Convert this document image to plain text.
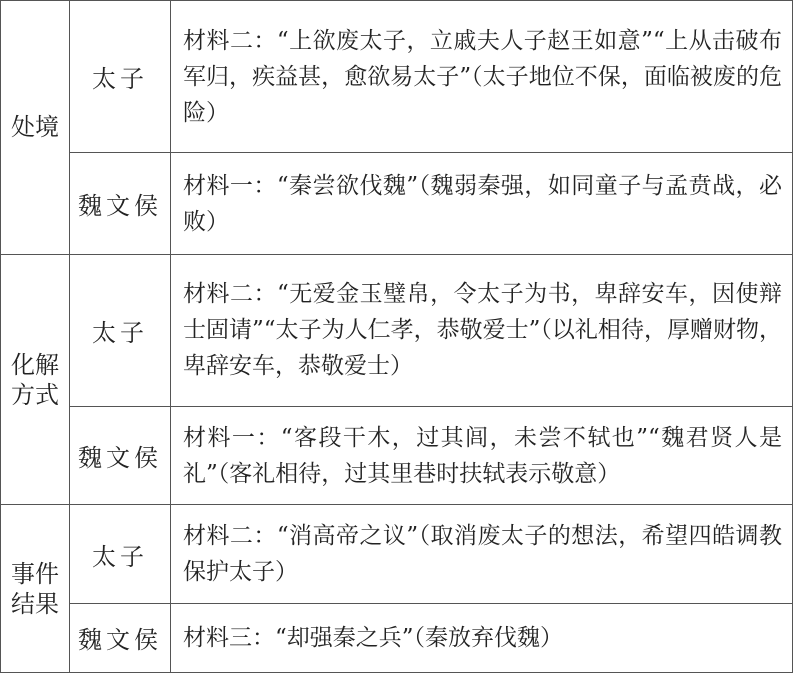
处境	太子	材料二：“上欲废太子，立戚夫人子赵王如意”“上从击破布军归，疾益甚，愈欲易太子”（太子地位不保，面临被废的危险）
	魏文侯	材料一：“秦尝欲伐魏”（魏弱秦强，如同童子与孟贲战，必败）
化解方式	太子	材料二：“无爱金玉璧帛，令太子为书，卑辞安车，因使辩士固请”“太子为人仁孝，恭敬爱士”（以礼相待，厚赠财物，卑辞安车，恭敬爱士）
	魏文侯	材料一：“客段干木，过其闾，未尝不轼也”“魏君贤人是礼”（客礼相待，过其里巷时扶轼表示敬意）
事件结果	太子	材料二：“消高帝之议”（取消废太子的想法，希望四皓调教保护太子）
	魏文侯	材料三：“却强秦之兵”（秦放弃伐魏）
